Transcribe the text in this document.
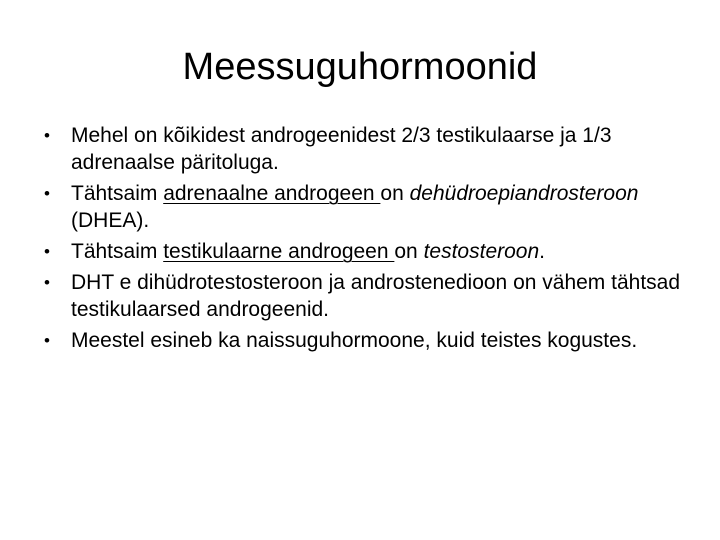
Meessuguhormoonid
• Mehel on kõikidest androgeenidest 2/3 testikulaarse ja 1/3 adrenaalse päritoluga.
• Tähtsaim adrenaalne androgeen on dehüdroepiandrosteroon (DHEA).
• Tähtsaim testikulaarne androgeen on testosteroon.
• DHT e dihüdrotestosteroon ja androstenedioon on vähem tähtsad testikulaarsed androgeenid.
• Meestel esineb ka naissuguhormoone, kuid teistes kogustes.
